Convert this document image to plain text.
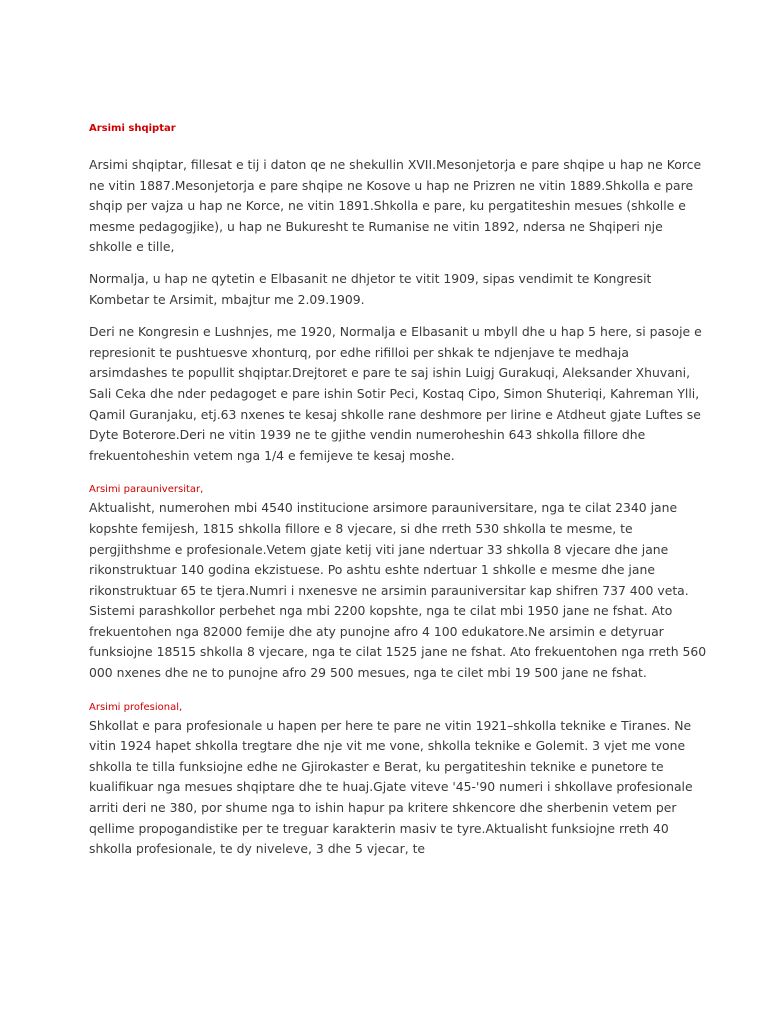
Arsimi shqiptar

Arsimi shqiptar, fillesat e tij i daton qe ne shekullin XVII.Mesonjetorja e pare shqipe u hap ne Korce ne vitin 1887.Mesonjetorja e pare shqipe ne Kosove u hap ne Prizren ne vitin 1889.Shkolla e pare shqip per vajza u hap ne Korce, ne vitin 1891.Shkolla e pare, ku pergatiteshin mesues (shkolle e mesme pedagogjike), u hap ne Bukuresht te Rumanise ne vitin 1892, ndersa ne Shqiperi nje shkolle e tille,

Normalja, u hap ne qytetin e Elbasanit ne dhjetor te vitit 1909, sipas vendimit te Kongresit Kombetar te Arsimit, mbajtur me 2.09.1909.

Deri ne Kongresin e Lushnjes, me 1920, Normalja e Elbasanit u mbyll dhe u hap 5 here, si pasoje e represionit te pushtuesve xhonturq, por edhe rifilloi per shkak te ndjenjave te medhaja arsimdashes te popullit shqiptar.Drejtoret e pare te saj ishin Luigj Gurakuqi, Aleksander Xhuvani, Sali Ceka dhe nder pedagoget e pare ishin Sotir Peci, Kostaq Cipo, Simon Shuteriqi, Kahreman Ylli, Qamil Guranjaku, etj.63 nxenes te kesaj shkolle rane deshmore per lirine e Atdheut gjate Luftes se Dyte Boterore.Deri ne vitin 1939 ne te gjithe vendin numeroheshin 643 shkolla fillore dhe frekuentoheshin vetem nga 1/4 e femijeve te kesaj moshe.

Arsimi parauniversitar,

Aktualisht, numerohen mbi 4540 institucione arsimore parauniversitare, nga te cilat 2340 jane kopshte femijesh, 1815 shkolla fillore e 8 vjecare, si dhe rreth 530 shkolla te mesme, te pergjithshme e profesionale.Vetem gjate ketij viti jane ndertuar 33 shkolla 8 vjecare dhe jane rikonstruktuar 140 godina ekzistuese. Po ashtu eshte ndertuar 1 shkolle e mesme dhe jane rikonstruktuar 65 te tjera.Numri i nxenesve ne arsimin parauniversitar kap shifren 737 400 veta. Sistemi parashkollor perbehet nga mbi 2200 kopshte, nga te cilat mbi 1950 jane ne fshat. Ato frekuentohen nga 82000 femije dhe aty punojne afro 4 100 edukatore.Ne arsimin e detyruar funksiojne 18515 shkolla 8 vjecare, nga te cilat 1525 jane ne fshat. Ato frekuentohen nga rreth 560 000 nxenes dhe ne to punojne afro 29 500 mesues, nga te cilet mbi 19 500 jane ne fshat.

Arsimi profesional,

Shkollat e para profesionale u hapen per here te pare ne vitin 1921–shkolla teknike e Tiranes. Ne vitin 1924 hapet shkolla tregtare dhe nje vit me vone, shkolla teknike e Golemit. 3 vjet me vone shkolla te tilla funksiojne edhe ne Gjirokaster e Berat, ku pergatiteshin teknike e punetore te kualifikuar nga mesues shqiptare dhe te huaj.Gjate viteve '45-'90 numeri i shkollave profesionale arriti deri ne 380, por shume nga to ishin hapur pa kritere shkencore dhe sherbenin vetem per qellime propogandistike per te treguar karakterin masiv te tyre.Aktualisht funksiojne rreth 40 shkolla profesionale, te dy niveleve, 3 dhe 5 vjecar, te
